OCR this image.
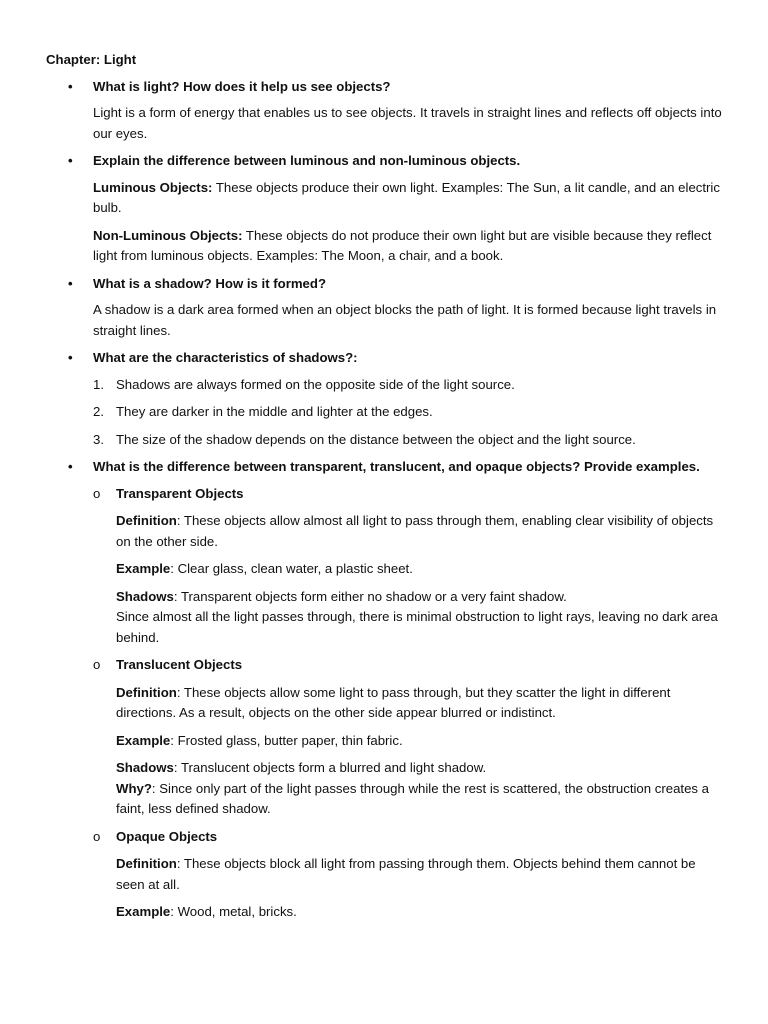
Chapter: Light

•	What is light? How does it help us see objects?

Light is a form of energy that enables us to see objects. It travels in straight lines and reflects off objects into our eyes.

•	Explain the difference between luminous and non-luminous objects.

Luminous Objects: These objects produce their own light. Examples: The Sun, a lit candle, and an electric bulb.

Non-Luminous Objects: These objects do not produce their own light but are visible because they reflect light from luminous objects. Examples: The Moon, a chair, and a book.

•	What is a shadow? How is it formed?

A shadow is a dark area formed when an object blocks the path of light. It is formed because light travels in straight lines.

•	What are the characteristics of shadows?:

1. Shadows are always formed on the opposite side of the light source.

2. They are darker in the middle and lighter at the edges.

3. The size of the shadow depends on the distance between the object and the light source.

•	What is the difference between transparent, translucent, and opaque objects? Provide examples.

o Transparent Objects

Definition: These objects allow almost all light to pass through them, enabling clear visibility of objects on the other side.

Example: Clear glass, clean water, a plastic sheet.

Shadows: Transparent objects form either no shadow or a very faint shadow.
Since almost all the light passes through, there is minimal obstruction to light rays, leaving no dark area behind.

o Translucent Objects

Definition: These objects allow some light to pass through, but they scatter the light in different directions. As a result, objects on the other side appear blurred or indistinct.

Example: Frosted glass, butter paper, thin fabric.

Shadows: Translucent objects form a blurred and light shadow.
Why?: Since only part of the light passes through while the rest is scattered, the obstruction creates a faint, less defined shadow.

o Opaque Objects

Definition: These objects block all light from passing through them. Objects behind them cannot be seen at all.

Example: Wood, metal, bricks.
